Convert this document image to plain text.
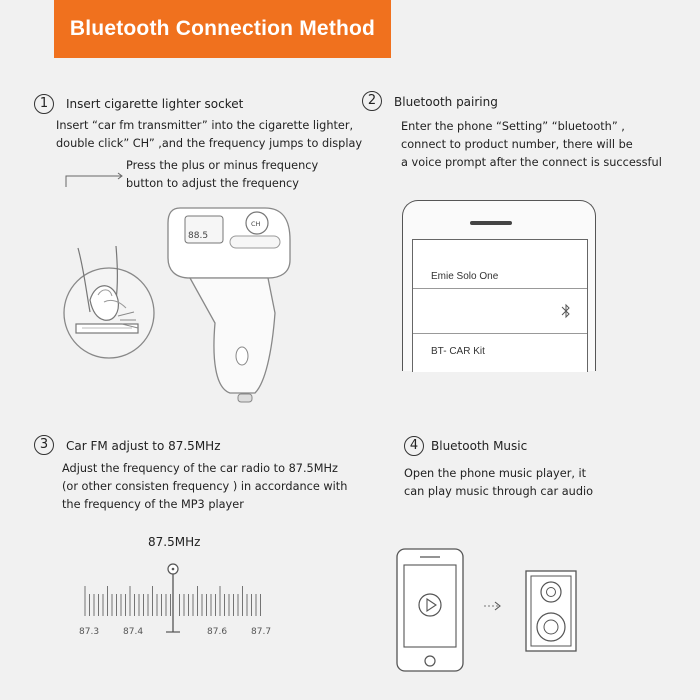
Bluetooth Connection Method
1	Insert cigarette lighter socket
Insert “car fm transmitter” into the cigarette lighter,
double click” CH” ,and the frequency jumps to display
Press the plus or minus frequency
button to adjust the frequency
88.5
CH
2	Bluetooth pairing
Enter the phone “Setting” “bluetooth” ,
connect to product number, there will be
a voice prompt after the connect is successful
Emie Solo One
BT- CAR Kit
3	Car FM adjust to 87.5MHz
Adjust the frequency of the car radio to 87.5MHz
(or other consisten frequency ) in accordance with
the frequency of the MP3 player
87.5MHz
87.3	87.4	87.6	87.7
4	Bluetooth Music
Open the phone music player, it
can play music through car audio
